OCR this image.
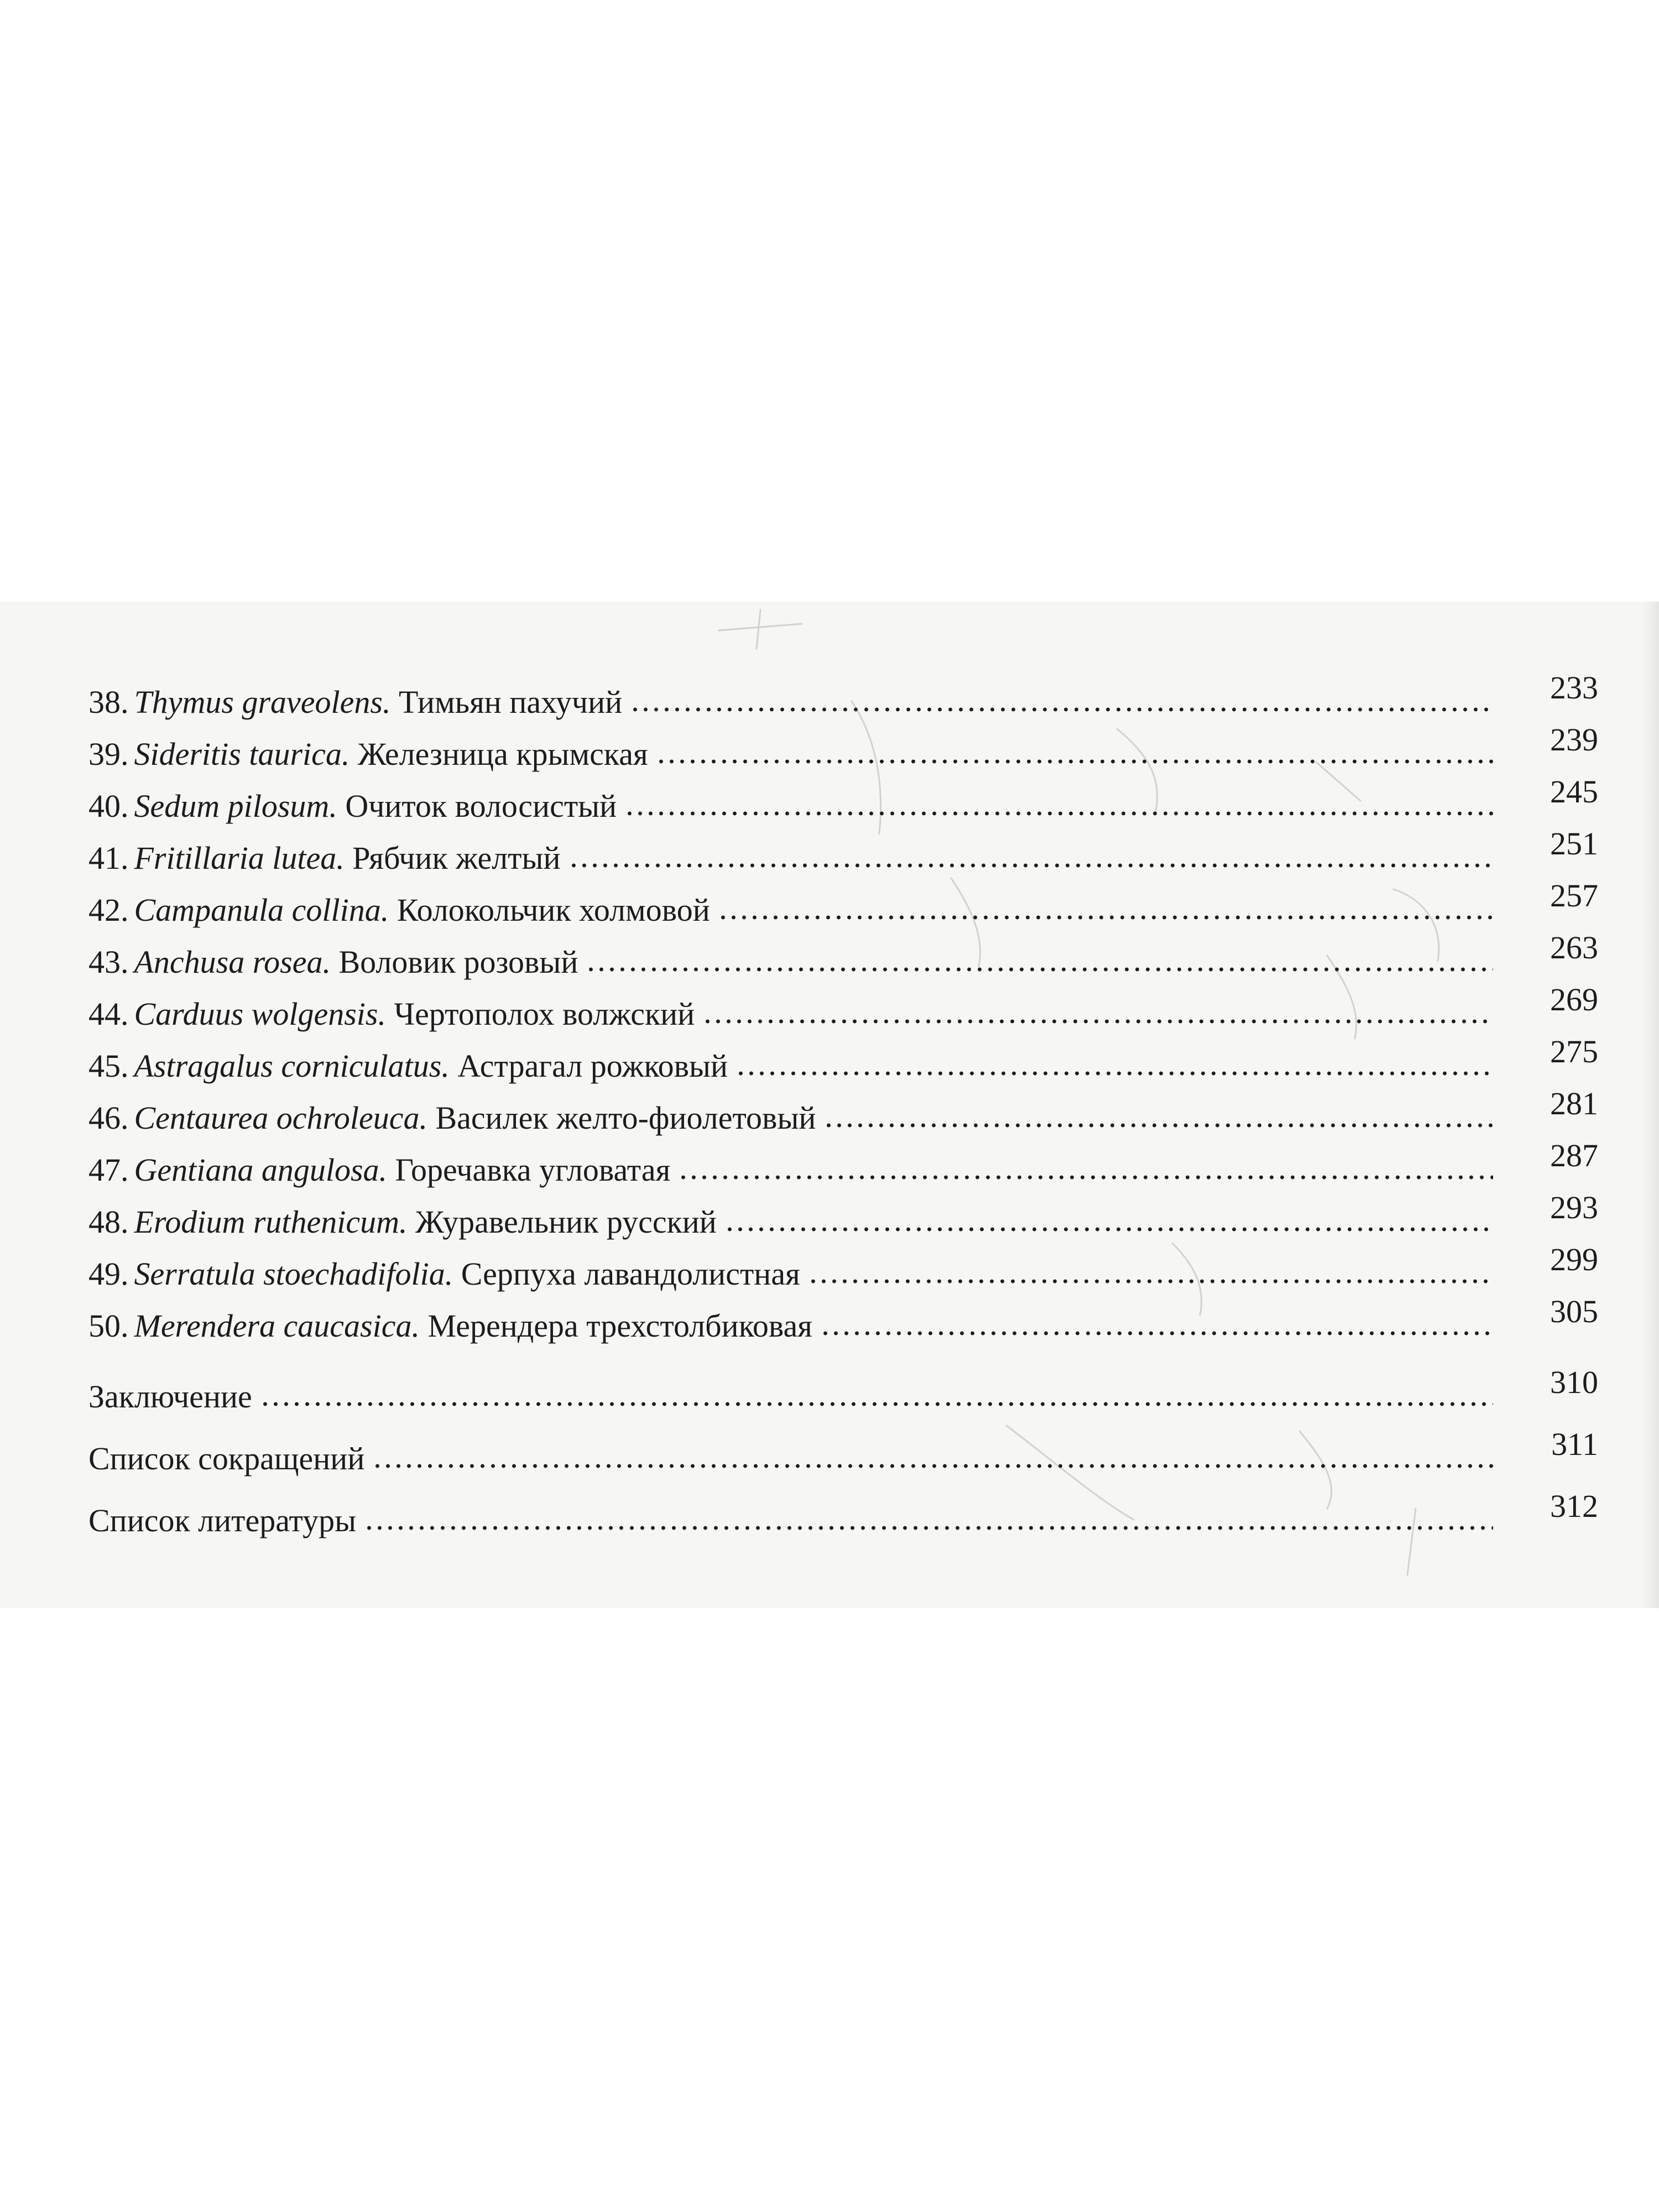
38. Thymus graveolens. Тимьян пахучий	233
39. Sideritis taurica. Железница крымская	239
40. Sedum pilosum. Очиток волосистый	245
41. Fritillaria lutea. Рябчик желтый	251
42. Campanula collina. Колокольчик холмовой	257
43. Anchusa rosea. Воловик розовый	263
44. Carduus wolgensis. Чертополох волжский	269
45. Astragalus corniculatus. Астрагал рожковый	275
46. Centaurea ochroleuca. Василек желто-фиолетовый	281
47. Gentiana angulosa. Горечавка угловатая	287
48. Erodium ruthenicum. Журавельник русский	293
49. Serratula stoechadifolia. Серпуха лавандолистная	299
50. Merendera caucasica. Мерендера трехстолбиковая	305
Заключение	310
Список сокращений	311
Список литературы	312
